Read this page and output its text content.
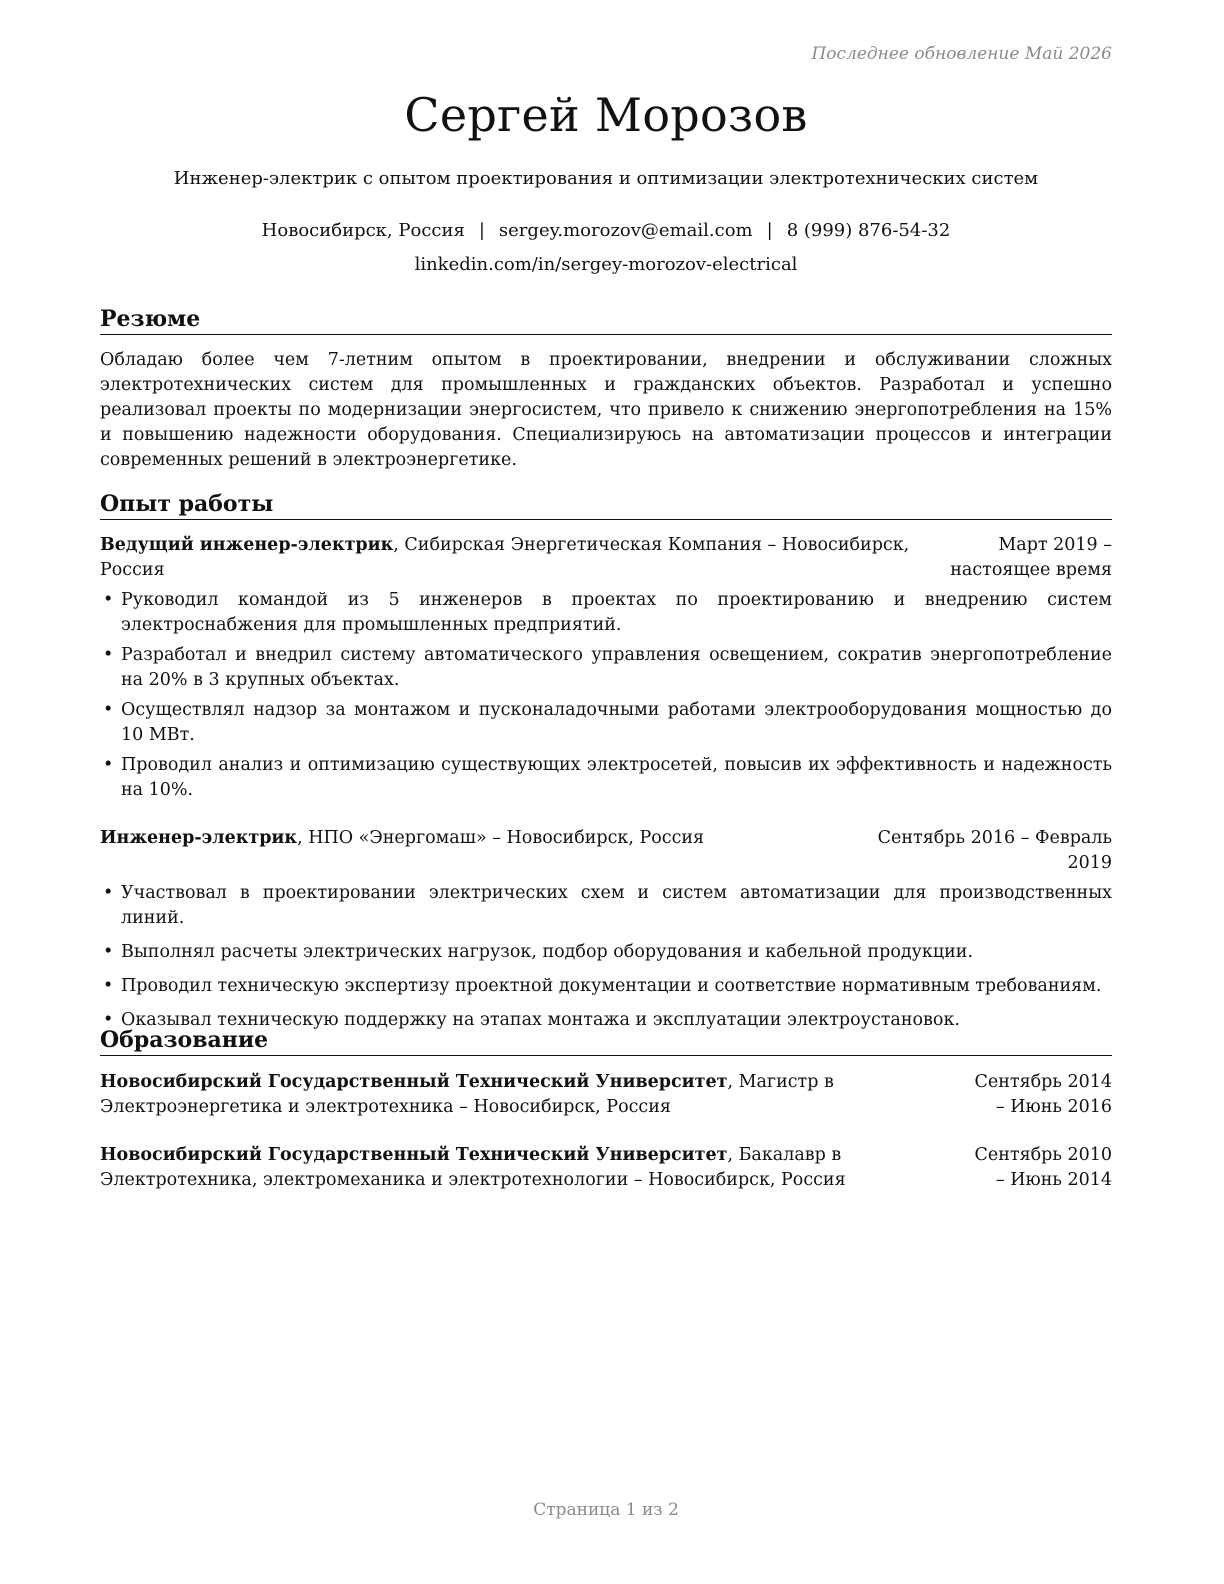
Последнее обновление Май 2026
Сергей Морозов
Инженер-электрик с опытом проектирования и оптимизации электротехнических систем
Новосибирск, Россия | sergey.morozov@email.com | 8 (999) 876-54-32
linkedin.com/in/sergey-morozov-electrical
Резюме
Обладаю более чем 7-летним опытом в проектировании, внедрении и обслуживании сложных электротехнических систем для промышленных и гражданских объектов. Разработал и успешно реализовал проекты по модернизации энергосистем, что привело к снижению энергопотребления на 15% и повышению надежности оборудования. Специализируюсь на автоматизации процессов и интеграции современных решений в электроэнергетике.
Опыт работы
Ведущий инженер-электрик, Сибирская Энергетическая Компания – Новосибирск, Россия
Март 2019 – настоящее время
• Руководил командой из 5 инженеров в проектах по проектированию и внедрению систем электроснабжения для промышленных предприятий.
• Разработал и внедрил систему автоматического управления освещением, сократив энергопотребление на 20% в 3 крупных объектах.
• Осуществлял надзор за монтажом и пусконаладочными работами электрооборудования мощностью до 10 МВт.
• Проводил анализ и оптимизацию существующих электросетей, повысив их эффективность и надежность на 10%.
Инженер-электрик, НПО «Энергомаш» – Новосибирск, Россия	Сентябрь 2016 – Февраль 2019
• Участвовал в проектировании электрических схем и систем автоматизации для производственных линий.
• Выполнял расчеты электрических нагрузок, подбор оборудования и кабельной продукции.
• Проводил техническую экспертизу проектной документации и соответствие нормативным требованиям.
• Оказывал техническую поддержку на этапах монтажа и эксплуатации электроустановок.
Образование
Новосибирский Государственный Технический Университет, Магистр в Электроэнергетика и электротехника – Новосибирск, Россия
Сентябрь 2014 – Июнь 2016
Новосибирский Государственный Технический Университет, Бакалавр в Электротехника, электромеханика и электротехнологии – Новосибирск, Россия
Сентябрь 2010 – Июнь 2014
Страница 1 из 2
